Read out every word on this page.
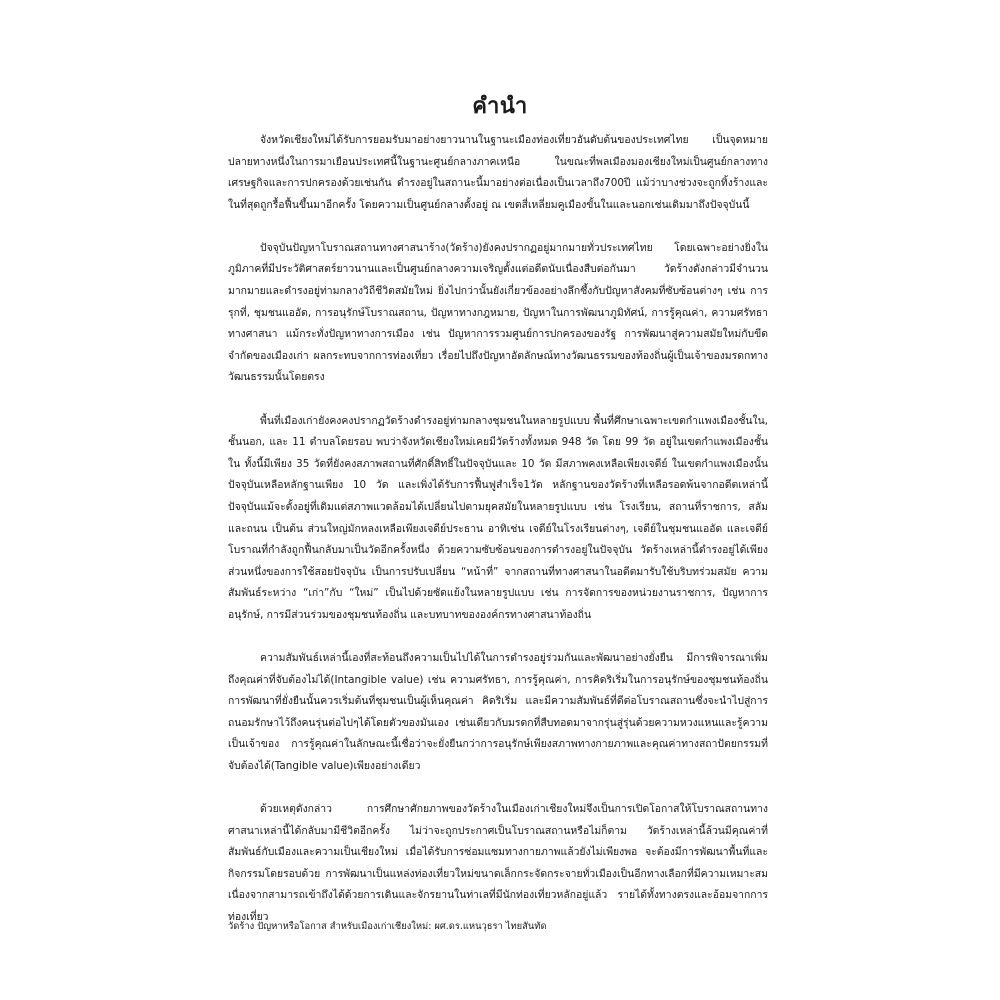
คำนำ

จังหวัดเชียงใหม่ได้รับการยอมรับมาอย่างยาวนานในฐานะเมืองท่องเที่ยวอันดับต้นของประเทศไทย เป็นจุดหมายปลายทางหนึ่งในการมาเยือนประเทศนี้ในฐานะศูนย์กลางภาคเหนือ ในขณะที่พลเมืองมองเชียงใหม่เป็นศูนย์กลางทางเศรษฐกิจและการปกครองด้วยเช่นกัน ดำรงอยู่ในสถานะนี้มาอย่างต่อเนื่องเป็นเวลาถึง700ปี แม้ว่าบางช่วงจะถูกทิ้งร้างและในที่สุดถูกรื้อฟื้นขึ้นมาอีกครั้ง โดยความเป็นศูนย์กลางตั้งอยู่ ณ เขตสี่เหลี่ยมคูเมืองขั้นในและนอกเช่นเดิมมาถึงปัจจุบันนี้

ปัจจุบันปัญหาโบราณสถานทางศาสนาร้าง(วัดร้าง)ยังคงปรากฏอยู่มากมายทั่วประเทศไทย โดยเฉพาะอย่างยิ่งในภูมิภาคที่มีประวัติศาสตร์ยาวนานและเป็นศูนย์กลางความเจริญตั้งแต่อดีตนับเนื่องสืบต่อกันมา วัดร้างดังกล่าวมีจำนวนมากมายและดำรงอยู่ท่ามกลางวิถีชีวิตสมัยใหม่ ยิ่งไปกว่านั้นยังเกี่ยวข้องอย่างลึกซึ้งกับปัญหาสังคมที่ซับซ้อนต่างๆ เช่น การรุกที่, ชุมชนแออัด, การอนุรักษ์โบราณสถาน, ปัญหาทางกฎหมาย, ปัญหาในการพัฒนาภูมิทัศน์, การรู้คุณค่า, ความศรัทธาทางศาสนา แม้กระทั่งปัญหาทางการเมือง เช่น ปัญหาการรวมศูนย์การปกครองของรัฐ การพัฒนาสู่ความสมัยใหม่กับขีดจำกัดของเมืองเก่า ผลกระทบจากการท่องเที่ยว เรื่อยไปถึงปัญหาอัตลักษณ์ทางวัฒนธรรมของท้องถิ่นผู้เป็นเจ้าของมรดกทางวัฒนธรรมนั้นโดยตรง

พื้นที่เมืองเก่ายังคงคงปรากฏวัดร้างดำรงอยู่ท่ามกลางชุมชนในหลายรูปแบบ พื้นที่ศึกษาเฉพาะเขตกำแพงเมืองชั้นใน, ชั้นนอก, และ 11 ตำบลโดยรอบ พบว่าจังหวัดเชียงใหม่เคยมีวัดร้างทั้งหมด 948 วัด โดย 99 วัด อยู่ในเขตกำแพงเมืองชั้นใน ทั้งนี้มีเพียง 35 วัดที่ยังคงสภาพสถานที่ศักดิ์สิทธิ์ในปัจจุบันและ 10 วัด มีสภาพคงเหลือเพียงเจดีย์ ในเขตกำแพงเมืองนั้นปัจจุบันเหลือหลักฐานเพียง 10 วัด และเพิ่งได้รับการฟื้นฟูสำเร็จ1วัด หลักฐานของวัดร้างที่เหลือรอดพ้นจากอดีตเหล่านี้ปัจจุบันแม้จะตั้งอยู่ที่เดิมแต่สภาพแวดล้อมได้เปลี่ยนไปตามยุคสมัยในหลายรูปแบบ เช่น โรงเรียน, สถานที่ราชการ, สลัม และถนน เป็นต้น ส่วนใหญ่มักหลงเหลือเพียงเจดีย์ประธาน อาทิเช่น เจดีย์ในโรงเรียนต่างๆ, เจดีย์ในชุมชนแออัด และเจดีย์โบราณที่กำลังถูกฟื้นกลับมาเป็นวัดอีกครั้งหนึ่ง ด้วยความซับซ้อนของการดำรงอยู่ในปัจจุบัน วัดร้างเหล่านี้ดำรงอยู่ได้เพียงส่วนหนึ่งของการใช้สอยปัจจุบัน เป็นการปรับเปลี่ยน “หน้าที่” จากสถานที่ทางศาสนาในอดีตมารับใช้บริบทร่วมสมัย ความสัมพันธ์ระหว่าง “เก่า”กับ “ใหม่” เป็นไปด้วยซัดแย้งในหลายรูปแบบ เช่น การจัดการของหน่วยงานราชการ, ปัญหาการอนุรักษ์, การมีส่วนร่วมของชุมชนท้องถิ่น และบทบาทขององค์กรทางศาสนาท้องถิ่น

ความสัมพันธ์เหล่านี้เองที่สะท้อนถึงความเป็นไปได้ในการดำรงอยู่ร่วมกันและพัฒนาอย่างยั่งยืน มีการพิจารณาเพิ่มถึงคุณค่าที่จับต้องไม่ได้(Intangible value) เช่น ความศรัทธา, การรู้คุณค่า, การคิดริเริ่มในการอนุรักษ์ของชุมชนท้องถิ่น การพัฒนาที่ยั่งยืนนั้นควรเริ่มต้นที่ชุมชนเป็นผู้เห็นคุณค่า คิดริเริ่ม และมีความสัมพันธ์ที่ดีต่อโบราณสถานซึ่งจะนำไปสู่การถนอมรักษาไว้ถึงคนรุ่นต่อไปๆได้โดยตัวของมันเอง เช่นเดียวกับมรดกที่สืบทอดมาจากรุ่นสู่รุ่นด้วยความหวงแหนและรู้ความเป็นเจ้าของ การรู้คุณค่าในลักษณะนี้เชื่อว่าจะยั่งยืนกว่าการอนุรักษ์เพียงสภาพทางกายภาพและคุณค่าทางสถาปัตยกรรมที่จับต้องได้(Tangible value)เพียงอย่างเดียว

ด้วยเหตุดังกล่าว การศึกษาศักยภาพของวัดร้างในเมืองเก่าเชียงใหม่จึงเป็นการเปิดโอกาสให้โบราณสถานทางศาสนาเหล่านี้ได้กลับมามีชีวิตอีกครั้ง ไม่ว่าจะถูกประกาศเป็นโบราณสถานหรือไม่ก็ตาม วัดร้างเหล่านี้ล้วนมีคุณค่าที่สัมพันธ์กับเมืองและความเป็นเชียงใหม่ เมื่อได้รับการซ่อมแซมทางกายภาพแล้วยังไม่เพียงพอ จะต้องมีการพัฒนาพื้นที่และกิจกรรมโดยรอบด้วย การพัฒนาเป็นแหล่งท่องเที่ยวใหม่ขนาดเล็กกระจัดกระจายทั่วเมืองเป็นอีกทางเลือกที่มีความเหมาะสม เนื่องจากสามารถเข้าถึงได้ด้วยการเดินและจักรยานในท่าเลที่มีนักท่องเที่ยวหลักอยู่แล้ว รายได้ทั้งทางตรงและอ้อมจากการท่องเที่ยว

วัดร้าง ปัญหาหรือโอกาส สำหรับเมืองเก่าเชียงใหม่: ผศ.ดร.แหนวุธรา ไทยสันทัด
